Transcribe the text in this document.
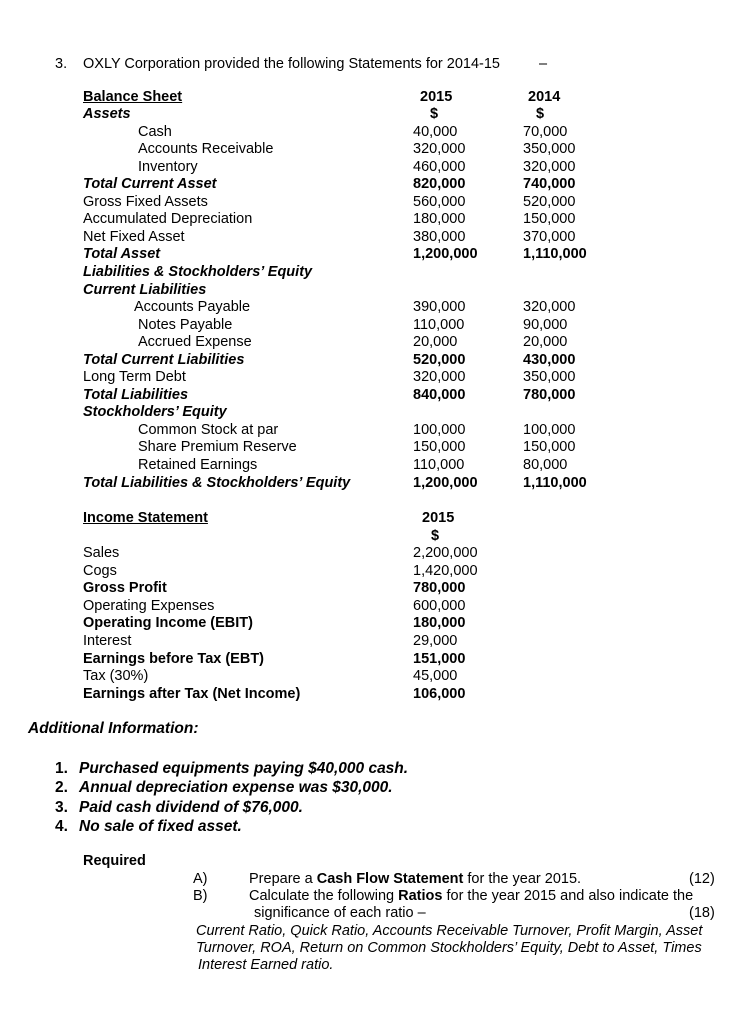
3. OXLY Corporation provided the following Statements for 2014-15	–
Balance Sheet	2015	2014
$	$
Assets
Cash	40,000	70,000
Accounts Receivable	320,000	350,000
Inventory	460,000	320,000
Total Current Asset	820,000	740,000
Gross Fixed Assets	560,000	520,000
Accumulated Depreciation	180,000	150,000
Net Fixed Asset	380,000	370,000
Total Asset	1,200,000	1,110,000
Liabilities & Stockholders’ Equity
Current Liabilities
Accounts Payable	390,000	320,000
Notes Payable	110,000	90,000
Accrued Expense	20,000	20,000
Total Current Liabilities	520,000	430,000
Long Term Debt	320,000	350,000
Total Liabilities	840,000	780,000
Stockholders’ Equity
Common Stock at par	100,000	100,000
Share Premium Reserve	150,000	150,000
Retained Earnings	110,000	80,000
Total Liabilities & Stockholders’ Equity	1,200,000	1,110,000
Income Statement	2015
$
Sales	2,200,000
Cogs	1,420,000
Gross Profit	780,000
Operating Expenses	600,000
Operating Income (EBIT)	180,000
Interest	29,000
Earnings before Tax (EBT)	151,000
Tax (30%)	45,000
Earnings after Tax (Net Income)	106,000
Additional Information:
1. Purchased equipments paying $40,000 cash.
2. Annual depreciation expense was $30,000.
3. Paid cash dividend of $76,000.
4. No sale of fixed asset.
Required
A)	Prepare a Cash Flow Statement for the year 2015.	(12)
B)	Calculate the following Ratios for the year 2015 and also indicate the
significance of each ratio –	(18)
Current Ratio, Quick Ratio, Accounts Receivable Turnover, Profit Margin, Asset
Turnover, ROA, Return on Common Stockholders’ Equity, Debt to Asset, Times
Interest Earned ratio.
